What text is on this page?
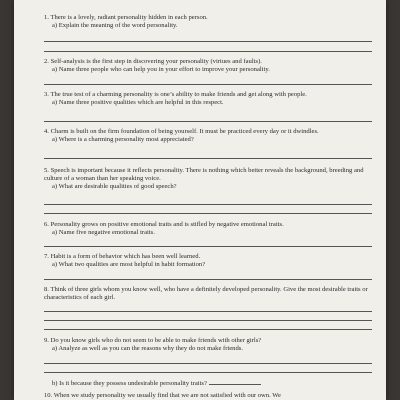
1. There is a lovely, radiant personality hidden in each person.
a) Explain the meaning of the word personality.
2. Self-analysis is the first step in discovering your personality (virtues and faults).
a) Name three people who can help you in your effort to improve your personality.
3. The true test of a charming personality is one’s ability to make friends and get along with people.
a) Name three positive qualities which are helpful in this respect.
4. Charm is built on the firm foundation of being yourself. It must be practiced every day or it dwindles.
a) Where is a charming personality most appreciated?
5. Speech is important because it reflects personality. There is nothing which better reveals the background, breeding and culture of a woman than her speaking voice.
a) What are desirable qualities of good speech?
6. Personality grows on positive emotional traits and is stifled by negative emotional traits.
a) Name five negative emotional traits.
7. Habit is a form of behavior which has been well learned.
a) What two qualities are most helpful in habit formation?
8. Think of three girls whom you know well, who have a definitely developed personality. Give the most desirable traits or characteristics of each girl.
9. Do you know girls who do not seem to be able to make friends with other girls?
a) Analyze as well as you can the reasons why they do not make friends.
b) Is it because they possess undesirable personality traits?
10. When we study personality we usually find that we are not satisfied with our own. We
